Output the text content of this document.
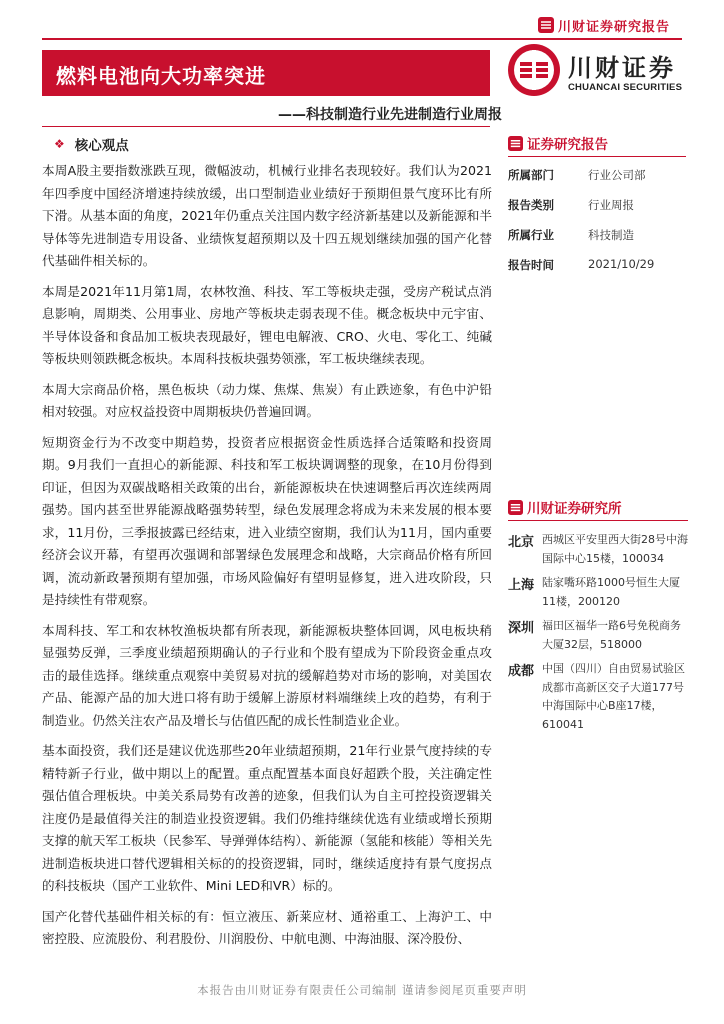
川财证券研究报告
燃料电池向大功率突进	川财证券
CHUANCAI SECURITIES
——科技制造行业先进制造行业周报
❖ 核心观点

本周A股主要指数涨跌互现，微幅波动，机械行业排名表现较好。我们认为2021年四季度中国经济增速持续放缓，出口型制造业业绩好于预期但景气度环比有所下滑。从基本面的角度，2021年仍重点关注国内数字经济新基建以及新能源和半导体等先进制造专用设备、业绩恢复超预期以及十四五规划继续加强的国产化替代基础件相关标的。

本周是2021年11月第1周，农林牧渔、科技、军工等板块走强，受房产税试点消息影响，周期类、公用事业、房地产等板块走弱表现不佳。概念板块中元宇宙、半导体设备和食品加工板块表现最好，锂电电解液、CRO、火电、零化工、纯碱等板块则领跌概念板块。本周科技板块强势领涨，军工板块继续表现。

本周大宗商品价格，黑色板块（动力煤、焦煤、焦炭）有止跌迹象，有色中沪铅相对较强。对应权益投资中周期板块仍普遍回调。

短期资金行为不改变中期趋势，投资者应根据资金性质选择合适策略和投资周期。9月我们一直担心的新能源、科技和军工板块调调整的现象，在10月份得到印证，但因为双碳战略相关政策的出台，新能源板块在快速调整后再次连续两周强势。国内甚至世界能源战略强势转型，绿色发展理念将成为未来发展的根本要求，11月份，三季报披露已经结束，进入业绩空窗期，我们认为11月，国内重要经济会议开幕，有望再次强调和部署绿色发展理念和战略，大宗商品价格有所回调，流动新政暑预期有望加强，市场风险偏好有望明显修复，进入进攻阶段，只是持续性有带观察。

本周科技、军工和农林牧渔板块都有所表现，新能源板块整体回调，风电板块稍显强势反弹，三季度业绩超预期确认的子行业和个股有望成为下阶段资金重点攻击的最佳选择。继续重点观察中美贸易对抗的缓解趋势对市场的影响，对美国农产品、能源产品的加大进口将有助于缓解上游原材料端继续上攻的趋势，有利于制造业。仍然关注农产品及增长与估值匹配的成长性制造业企业。

基本面投资，我们还是建议优选那些20年业绩超预期，21年行业景气度持续的专精特新子行业，做中期以上的配置。重点配置基本面良好超跌个股，关注确定性强估值合理板块。中美关系局势有改善的迹象，但我们认为自主可控投资逻辑关注度仍是最值得关注的制造业投资逻辑。我们仍维持继续优选有业绩或增长预期支撑的航天军工板块（民参军、导弹弹体结构）、新能源（氢能和核能）等相关先进制造板块进口替代逻辑相关标的的投资逻辑，同时，继续适度持有景气度拐点的科技板块（国产工业软件、Mini LED和VR）标的。

国产化替代基础件相关标的有：恒立液压、新莱应材、通裕重工、上海沪工、中密控股、应流股份、利君股份、川润股份、中航电测、中海油服、深冷股份、

证券研究报告
所属部门	行业公司部
报告类别	行业周报
所属行业	科技制造
报告时间	2021/10/29
川财证券研究所
北京 西城区平安里西大街28号中海国际中心15楼，100034
上海 陆家嘴环路1000号恒生大厦11楼，200120
深圳 福田区福华一路6号免税商务大厦32层，518000
成都 中国（四川）自由贸易试验区成都市高新区交子大道177号中海国际中心B座17楼，610041
本报告由川财证券有限责任公司编制 谨请参阅尾页重要声明
